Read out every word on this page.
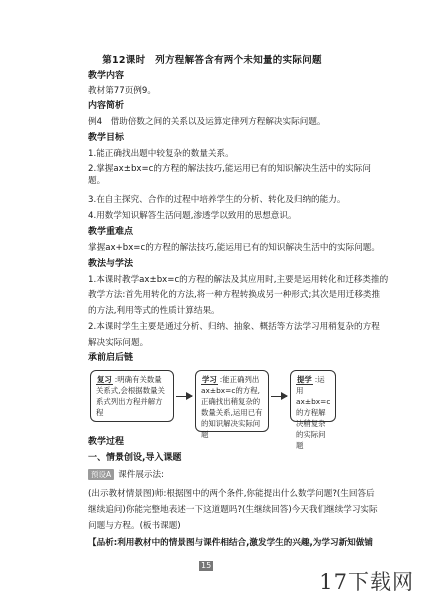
第12课时　列方程解答含有两个未知量的实际问题
教学内容
教材第77页例9。
内容简析
例4　借助倍数之间的关系以及运算定律列方程解决实际问题。
教学目标
1.能正确找出题中较复杂的数量关系。
2.掌握ax±bx=c的方程的解法技巧,能运用已有的知识解决生活中的实际问
题。
3.在自主探究、合作的过程中培养学生的分析、转化及归纳的能力。
4.用数学知识解答生活问题,渗透学以致用的思想意识。
教学重难点
掌握ax+bx=c的方程的解法技巧,能运用已有的知识解决生活中的实际问题。
教法与学法
1.本课时教学ax±bx=c的方程的解法及其应用时,主要是运用转化和迁移类推的
教学方法:首先用转化的方法,将一种方程转换成另一种形式;其次是用迁移类推
的方法,利用等式的性质计算结果。
2.本课时学生主要是通过分析、归纳、抽象、概括等方法学习用稍复杂的方程
解决实际问题。
承前启后链
复习 :明确有关数量关系式,会根据数量关系式列出方程并解方程
学习 :能正确列出ax±bx=c的方程,正确找出稍复杂的数量关系,运用已有的知识解决实际问题
提学 :运用ax±bx=c的方程解决稍复杂的实际问题
教学过程
一、情景创设,导入课题
预设A 课件展示法:
(出示教材情景图)师:根据图中的两个条件,你能提出什么数学问题?(生回答后
继续追问)你能完整地表述一下这道题吗?(生继续回答)今天我们继续学习实际
问题与方程。(板书课题)
【品析:利用教材中的情景图与课件相结合,激发学生的兴趣,为学习新知做铺
15
17下载网
